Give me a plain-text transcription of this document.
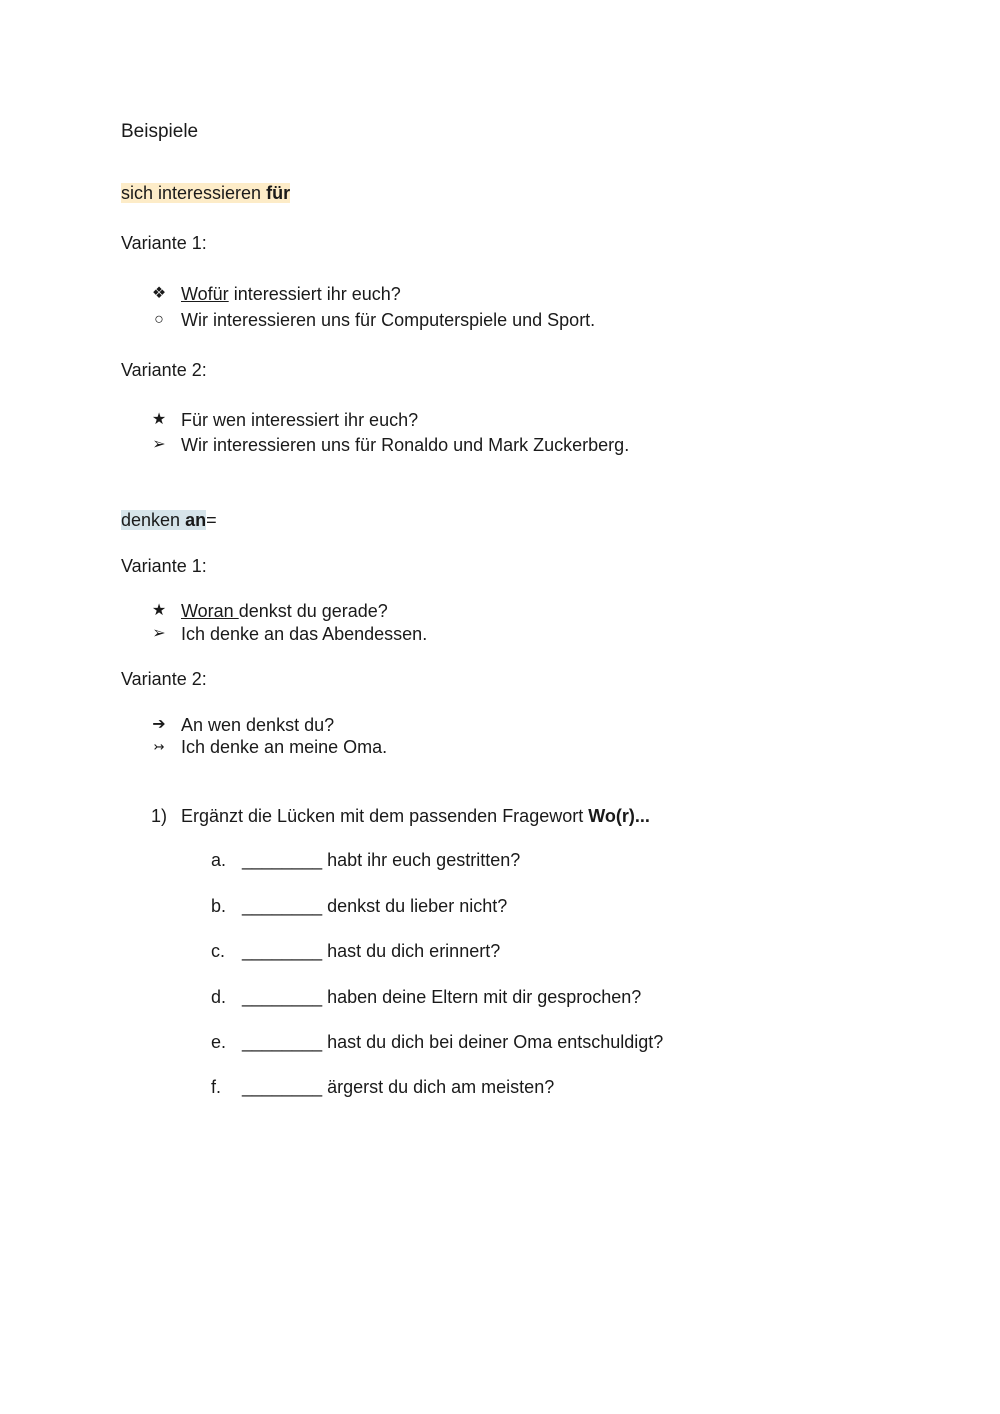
Beispiele
sich interessieren für
Variante 1:
❖ Wofür interessiert ihr euch?
○ Wir interessieren uns für Computerspiele und Sport.
Variante 2:
★ Für wen interessiert ihr euch?
➢ Wir interessieren uns für Ronaldo und Mark Zuckerberg.
denken an=
Variante 1:
★ Woran denkst du gerade?
➢ Ich denke an das Abendessen.
Variante 2:
➔ An wen denkst du?
↣ Ich denke an meine Oma.
1) Ergänzt die Lücken mit dem passenden Fragewort Wo(r)...
a. ________ habt ihr euch gestritten?
b. ________ denkst du lieber nicht?
c. ________ hast du dich erinnert?
d. ________ haben deine Eltern mit dir gesprochen?
e. ________ hast du dich bei deiner Oma entschuldigt?
f. ________ ärgerst du dich am meisten?
